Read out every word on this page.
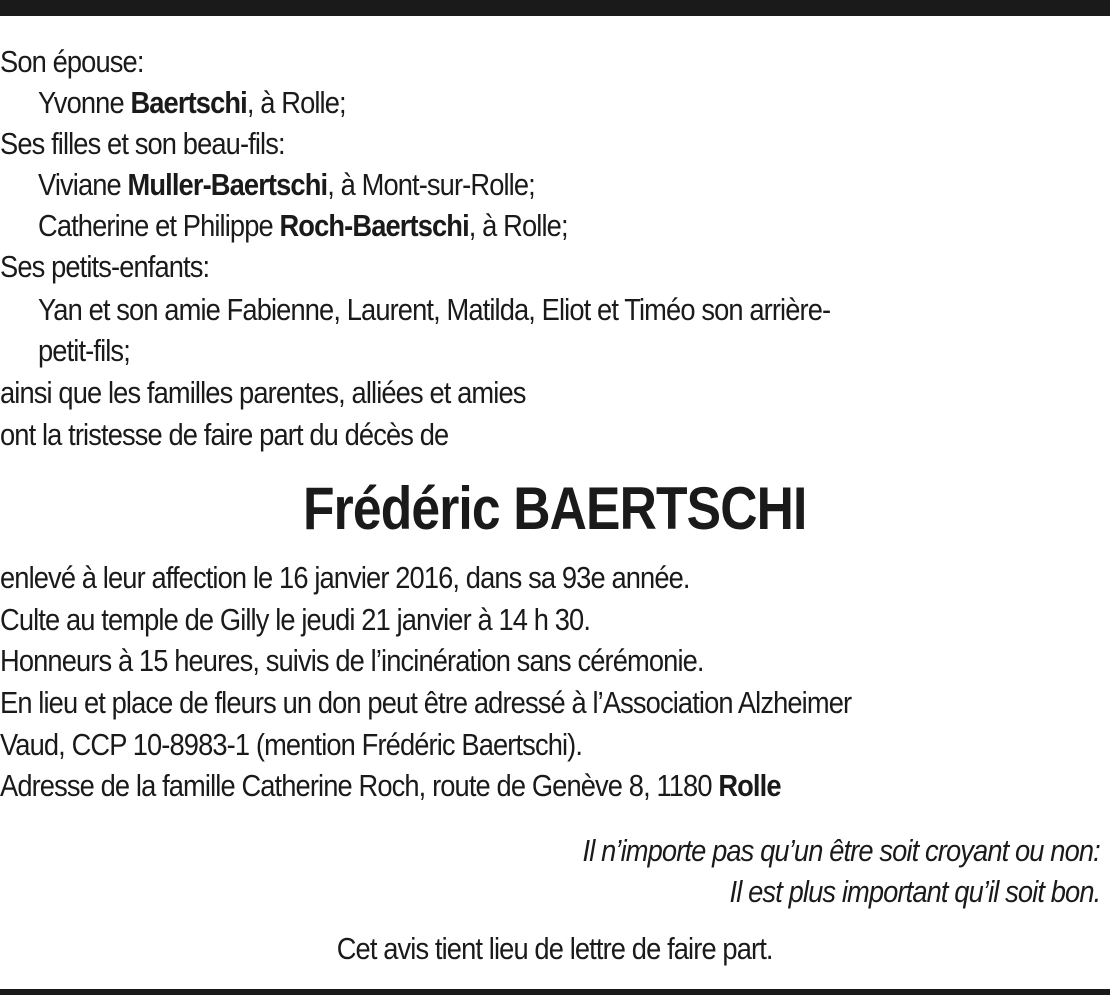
Son épouse:
Yvonne Baertschi, à Rolle;
Ses filles et son beau-fils:
Viviane Muller-Baertschi, à Mont-sur-Rolle;
Catherine et Philippe Roch-Baertschi, à Rolle;
Ses petits-enfants:
Yan et son amie Fabienne, Laurent, Matilda, Eliot et Timéo son arrière-
petit-fils;
ainsi que les familles parentes, alliées et amies
ont la tristesse de faire part du décès de
Frédéric BAERTSCHI
enlevé à leur affection le 16 janvier 2016, dans sa 93e année.
Culte au temple de Gilly le jeudi 21 janvier à 14 h 30.
Honneurs à 15 heures, suivis de l’incinération sans cérémonie.
En lieu et place de fleurs un don peut être adressé à l’Association Alzheimer
Vaud, CCP 10-8983-1 (mention Frédéric Baertschi).
Adresse de la famille Catherine Roch, route de Genève 8, 1180 Rolle
Il n’importe pas qu’un être soit croyant ou non:
Il est plus important qu’il soit bon.
Cet avis tient lieu de lettre de faire part.
